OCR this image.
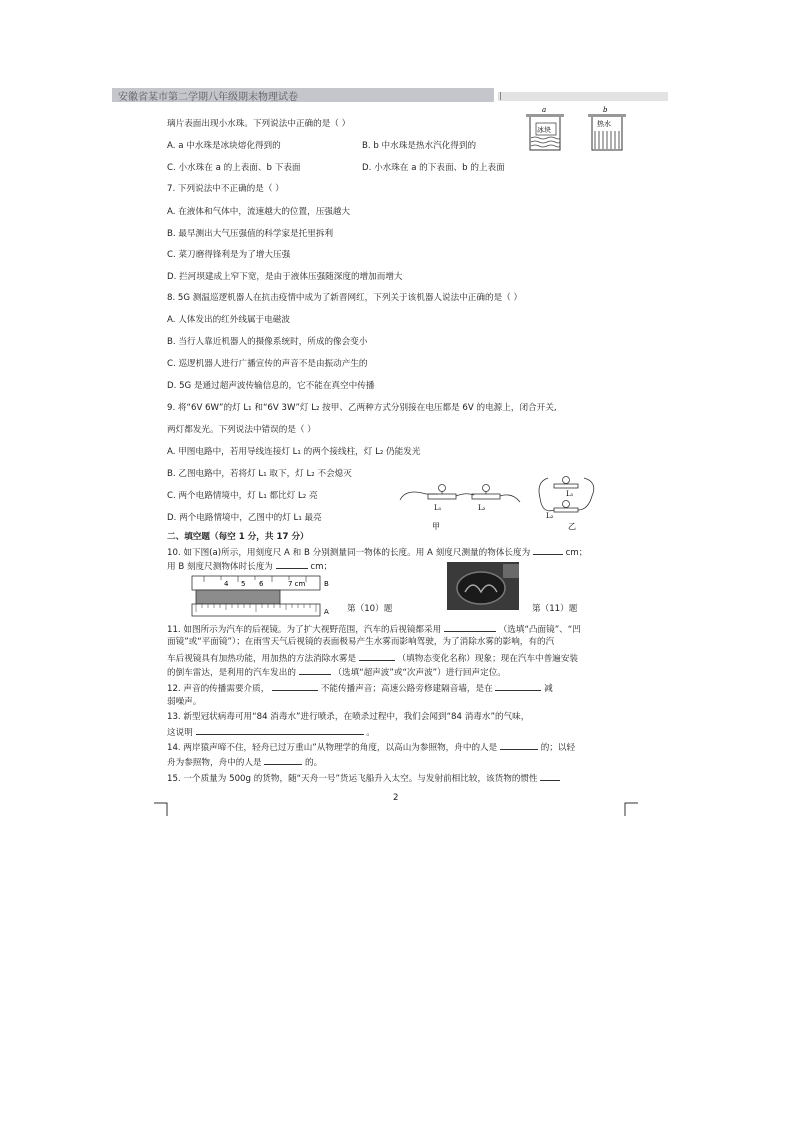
安徽省某市第二学期八年级期末物理试卷
a	b
冰块
热水
璃片表面出现小水珠。下列说法中正确的是（ ）
A. a 中水珠是冰块熔化得到的	B. b 中水珠是热水汽化得到的
C. 小水珠在 a 的上表面、b 下表面	D. 小水珠在 a 的下表面、b 的上表面
7. 下列说法中不正确的是（ ）
A. 在液体和气体中，流速越大的位置，压强越大
B. 最早测出大气压强值的科学家是托里拆利
C. 菜刀磨得锋利是为了增大压强
D. 拦河坝建成上窄下宽，是由于液体压强随深度的增加而增大
8. 5G 测温巡逻机器人在抗击疫情中成为了新晋网红，下列关于该机器人说法中正确的是（ ）
A. 人体发出的红外线属于电磁波
B. 当行人靠近机器人的摄像系统时，所成的像会变小
C. 巡逻机器人进行广播宣传的声音不是由振动产生的
D. 5G 是通过超声波传输信息的，它不能在真空中传播
9. 将“6V 6W”的灯 L₁ 和“6V 3W”灯 L₂ 按甲、乙两种方式分别接在电压都是 6V 的电源上，闭合开关,
两灯都发光。下列说法中错误的是（ ）
A. 甲图电路中，若用导线连接灯 L₁ 的两个接线柱，灯 L₂ 仍能发光
B. 乙图电路中，若将灯 L₁ 取下，灯 L₂ 不会熄灭
C. 两个电路情境中，灯 L₁ 都比灯 L₂ 亮
D. 两个电路情境中，乙图中的灯 L₁ 最亮
L₁	L₂
甲
L₁
L₂
乙
二、填空题（每空 1 分，共 17 分）
10. 如下图(a)所示，用刻度尺 A 和 B 分别测量同一物体的长度。用 A 刻度尺测量的物体长度为	cm；
用 B 刻度尺测物体时长度为	cm；
4 5 6	7 cm	B
A 第（10）题	第（11）题
11. 如图所示为汽车的后视镜。为了扩大视野范围，汽车的后视镜都采用	（选填“凸面镜”、“凹
面镜”或“平面镜”）；在雨雪天气后视镜的表面极易产生水雾而影响驾驶，为了消除水雾的影响，有的汽
车后视镜具有加热功能，用加热的方法消除水雾是	（填物态变化名称）现象；现在汽车中普遍安装
的倒车雷达，是利用的汽车发出的	（选填“超声波”或“次声波”）进行回声定位。
12. 声音的传播需要介质，	不能传播声音；高速公路旁修建隔音墙，是在	减
弱噪声。
13. 新型冠状病毒可用“84 消毒水”进行喷杀，在喷杀过程中，我们会闻到“84 消毒水”的气味，
这说明	。
14. 两岸猿声啼不住，轻舟已过万重山”从物理学的角度，以高山为参照物，舟中的人是	的；以轻
舟为参照物，舟中的人是	的。
15. 一个质量为 500g 的货物，随“天舟一号”货运飞船升入太空。与发射前相比较，该货物的惯性
2
